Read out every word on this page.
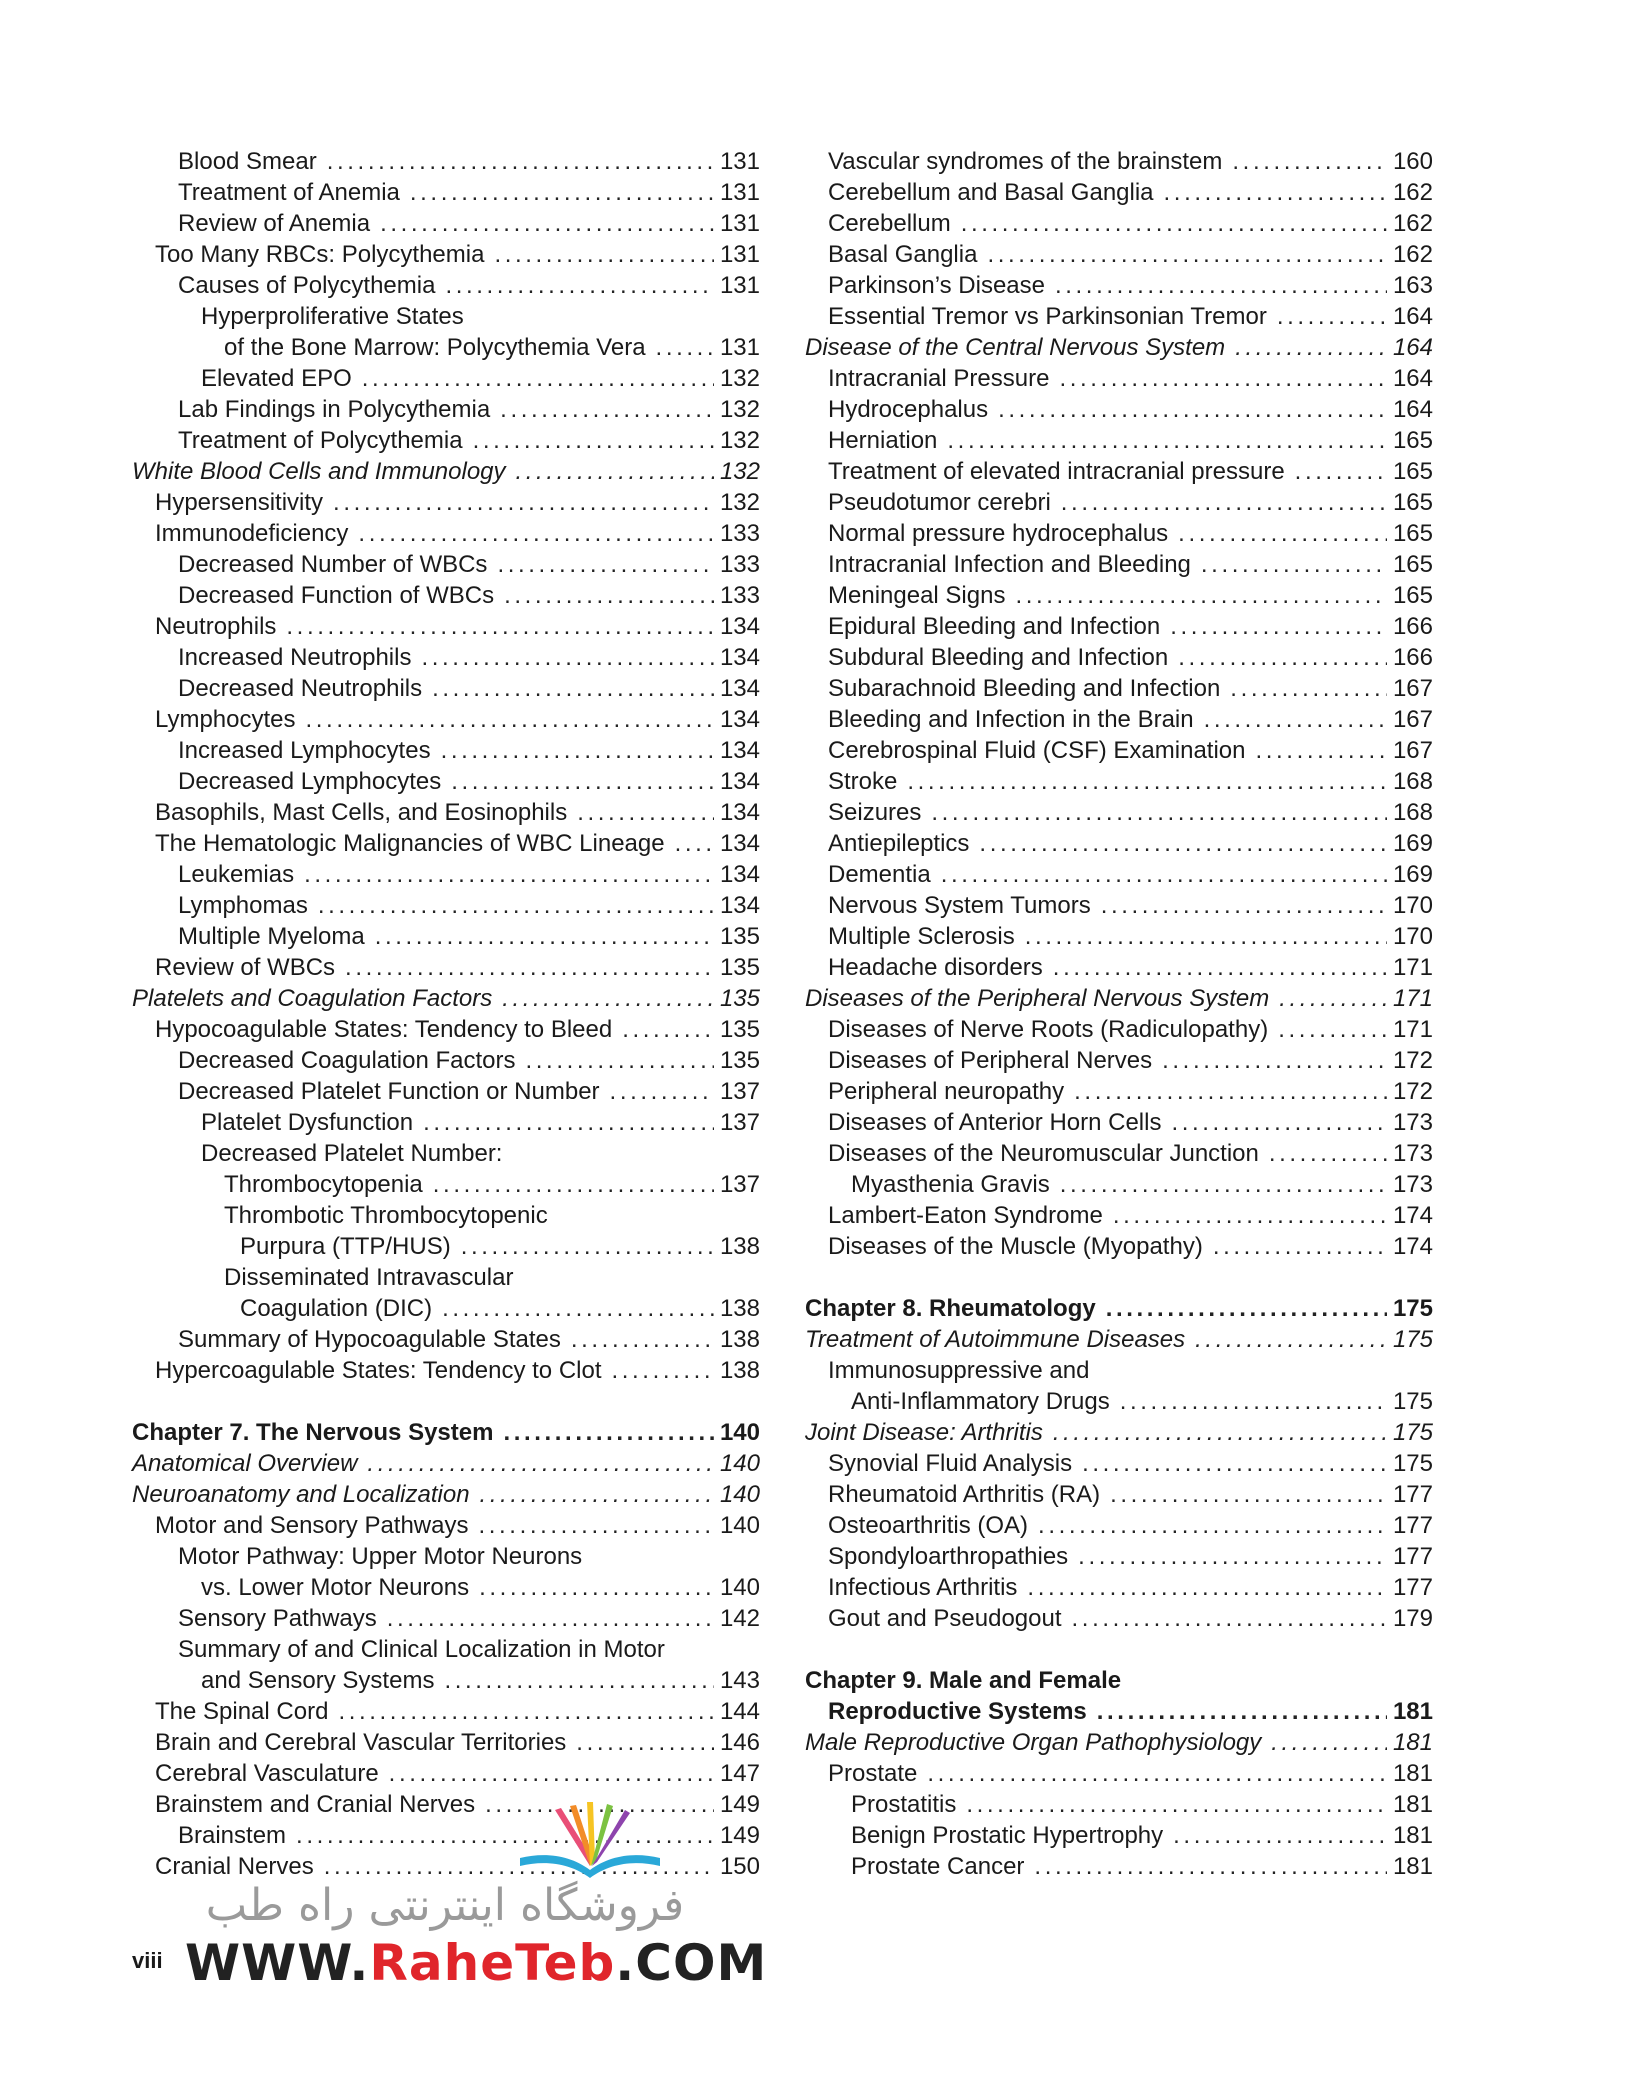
Blood Smear .....	131
Treatment of Anemia .....	131
Review of Anemia .....	131
Too Many RBCs: Polycythemia .....	131
Causes of Polycythemia .....	131
Hyperproliferative States
of the Bone Marrow: Polycythemia Vera .....	131
Elevated EPO .....	132
Lab Findings in Polycythemia .....	132
Treatment of Polycythemia .....	132
White Blood Cells and Immunology .....	132
Hypersensitivity .....	132
Immunodeficiency .....	133
Decreased Number of WBCs .....	133
Decreased Function of WBCs .....	133
Neutrophils .....	134
Increased Neutrophils .....	134
Decreased Neutrophils .....	134
Lymphocytes .....	134
Increased Lymphocytes .....	134
Decreased Lymphocytes .....	134
Basophils, Mast Cells, and Eosinophils .....	134
The Hematologic Malignancies of WBC Lineage ..... 134
Leukemias .....	134
Lymphomas .....	134
Multiple Myeloma .....	135
Review of WBCs .....	135
Platelets and Coagulation Factors .....	135
Hypocoagulable States: Tendency to Bleed .....	135
Decreased Coagulation Factors .....	135
Decreased Platelet Function or Number .....	137
Platelet Dysfunction .....	137
Decreased Platelet Number:
Thrombocytopenia .....	137
Thrombotic Thrombocytopenic
Purpura (TTP/HUS) .....	138
Disseminated Intravascular
Coagulation (DIC) .....	138
Summary of Hypocoagulable States .....	138
Hypercoagulable States: Tendency to Clot .....	138
Chapter 7. The Nervous System .....	140
Anatomical Overview .....	140
Neuroanatomy and Localization .....	140
Motor and Sensory Pathways .....	140
Motor Pathway: Upper Motor Neurons
vs. Lower Motor Neurons .....	140
Sensory Pathways .....	142
Summary of and Clinical Localization in Motor
and Sensory Systems .....	143
The Spinal Cord .....	144
Brain and Cerebral Vascular Territories .....	146
Cerebral Vasculature .....	147
Brainstem and Cranial Nerves .....	149
Brainstem .....	149
Cranial Nerves .....	150
Vascular syndromes of the brainstem .....	160
Cerebellum and Basal Ganglia .....	162
Cerebellum .....	162
Basal Ganglia .....	162
Parkinson’s Disease .....	163
Essential Tremor vs Parkinsonian Tremor .....	164
Disease of the Central Nervous System .....	164
Intracranial Pressure .....	164
Hydrocephalus .....	164
Herniation .....	165
Treatment of elevated intracranial pressure .....	165
Pseudotumor cerebri .....	165
Normal pressure hydrocephalus .....	165
Intracranial Infection and Bleeding .....	165
Meningeal Signs .....	165
Epidural Bleeding and Infection .....	166
Subdural Bleeding and Infection .....	166
Subarachnoid Bleeding and Infection .....	167
Bleeding and Infection in the Brain .....	167
Cerebrospinal Fluid (CSF) Examination .....	167
Stroke .....	168
Seizures .....	168
Antiepileptics .....	169
Dementia .....	169
Nervous System Tumors .....	170
Multiple Sclerosis .....	170
Headache disorders .....	171
Diseases of the Peripheral Nervous System .....	171
Diseases of Nerve Roots (Radiculopathy) .....	171
Diseases of Peripheral Nerves .....	172
Peripheral neuropathy .....	172
Diseases of Anterior Horn Cells .....	173
Diseases of the Neuromuscular Junction .....	173
Myasthenia Gravis .....	173
Lambert-Eaton Syndrome .....	174
Diseases of the Muscle (Myopathy) .....	174
Chapter 8. Rheumatology .....	175
Treatment of Autoimmune Diseases .....	175
Immunosuppressive and
Anti-Inflammatory Drugs .....	175
Joint Disease: Arthritis .....	175
Synovial Fluid Analysis .....	175
Rheumatoid Arthritis (RA) .....	177
Osteoarthritis (OA) .....	177
Spondyloarthropathies .....	177
Infectious Arthritis .....	177
Gout and Pseudogout .....	179
Chapter 9. Male and Female
Reproductive Systems .....	181
Male Reproductive Organ Pathophysiology .....	181
Prostate .....	181
Prostatitis .....	181
Benign Prostatic Hypertrophy .....	181
Prostate Cancer .....	181
فروشگاه اینترنتی راه طب
WWW.RaheTeb.COM
viii
